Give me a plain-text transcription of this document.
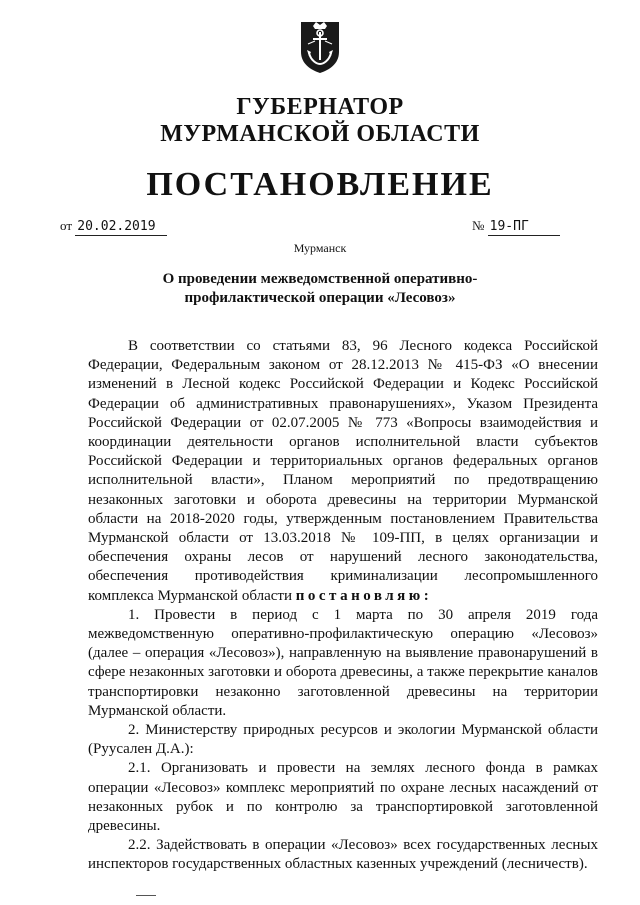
ГУБЕРНАТОР
МУРМАНСКОЙ ОБЛАСТИ
ПОСТАНОВЛЕНИЕ
от 20.02.2019	№ 19-ПГ
Мурманск
О проведении межведомственной оперативно-профилактической операции «Лесовоз»

В соответствии со статьями 83, 96 Лесного кодекса Российской Федерации, Федеральным законом от 28.12.2013 № 415-ФЗ «О внесении изменений в Лесной кодекс Российской Федерации и Кодекс Российской Федерации об административных правонарушениях», Указом Президента Российской Федерации от 02.07.2005 № 773 «Вопросы взаимодействия и координации деятельности органов исполнительной власти субъектов Российской Федерации и территориальных органов федеральных органов исполнительной власти», Планом мероприятий по предотвращению незаконных заготовки и оборота древесины на территории Мурманской области на 2018-2020 годы, утвержденным постановлением Правительства Мурманской области от 13.03.2018 № 109-ПП, в целях организации и обеспечения охраны лесов от нарушений лесного законодательства, обеспечения противодействия криминализации лесопромышленного комплекса Мурманской области постановляю:

1. Провести в период с 1 марта по 30 апреля 2019 года межведомственную оперативно-профилактическую операцию «Лесовоз» (далее – операция «Лесовоз»), направленную на выявление правонарушений в сфере незаконных заготовки и оборота древесины, а также перекрытие каналов транспортировки незаконно заготовленной древесины на территории Мурманской области.

2. Министерству природных ресурсов и экологии Мурманской области (Руусален Д.А.):

2.1. Организовать и провести на землях лесного фонда в рамках операции «Лесовоз» комплекс мероприятий по охране лесных насаждений от незаконных рубок и по контролю за транспортировкой заготовленной древесины.

2.2. Задействовать в операции «Лесовоз» всех государственных лесных инспекторов государственных областных казенных учреждений (лесничеств).
